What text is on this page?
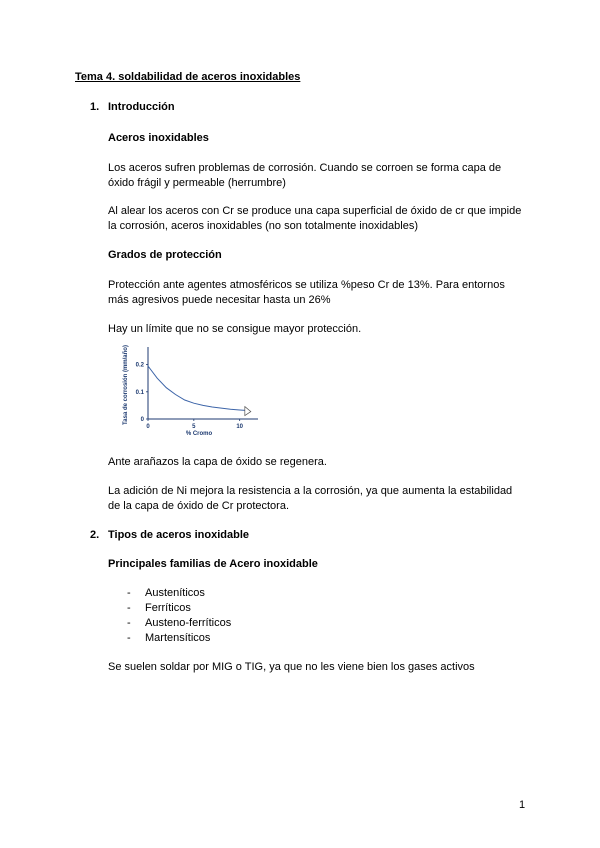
Tema 4. soldabilidad de aceros inoxidables
1. Introducción
Aceros inoxidables
Los aceros sufren problemas de corrosión. Cuando se corroen se forma capa de
óxido frágil y permeable (herrumbre)
Al alear los aceros con Cr se produce una capa superficial de óxido de cr que impide
la corrosión, aceros inoxidables (no son totalmente inoxidables)
Grados de protección
Protección ante agentes atmosféricos se utiliza %peso Cr de 13%. Para entornos
más agresivos puede necesitar hasta un 26%
Hay un límite que no se consigue mayor protección.
0
0.1
0.2
0	5	10
% Cromo
Tasa de corrosión (mm/año)
Ante arañazos la capa de óxido se regenera.
La adición de Ni mejora la resistencia a la corrosión, ya que aumenta la estabilidad
de la capa de óxido de Cr protectora.
2. Tipos de aceros inoxidable
Principales familias de Acero inoxidable
- Austeníticos
- Ferríticos
- Austeno-ferríticos
- Martensíticos
Se suelen soldar por MIG o TIG, ya que no les viene bien los gases activos
1
